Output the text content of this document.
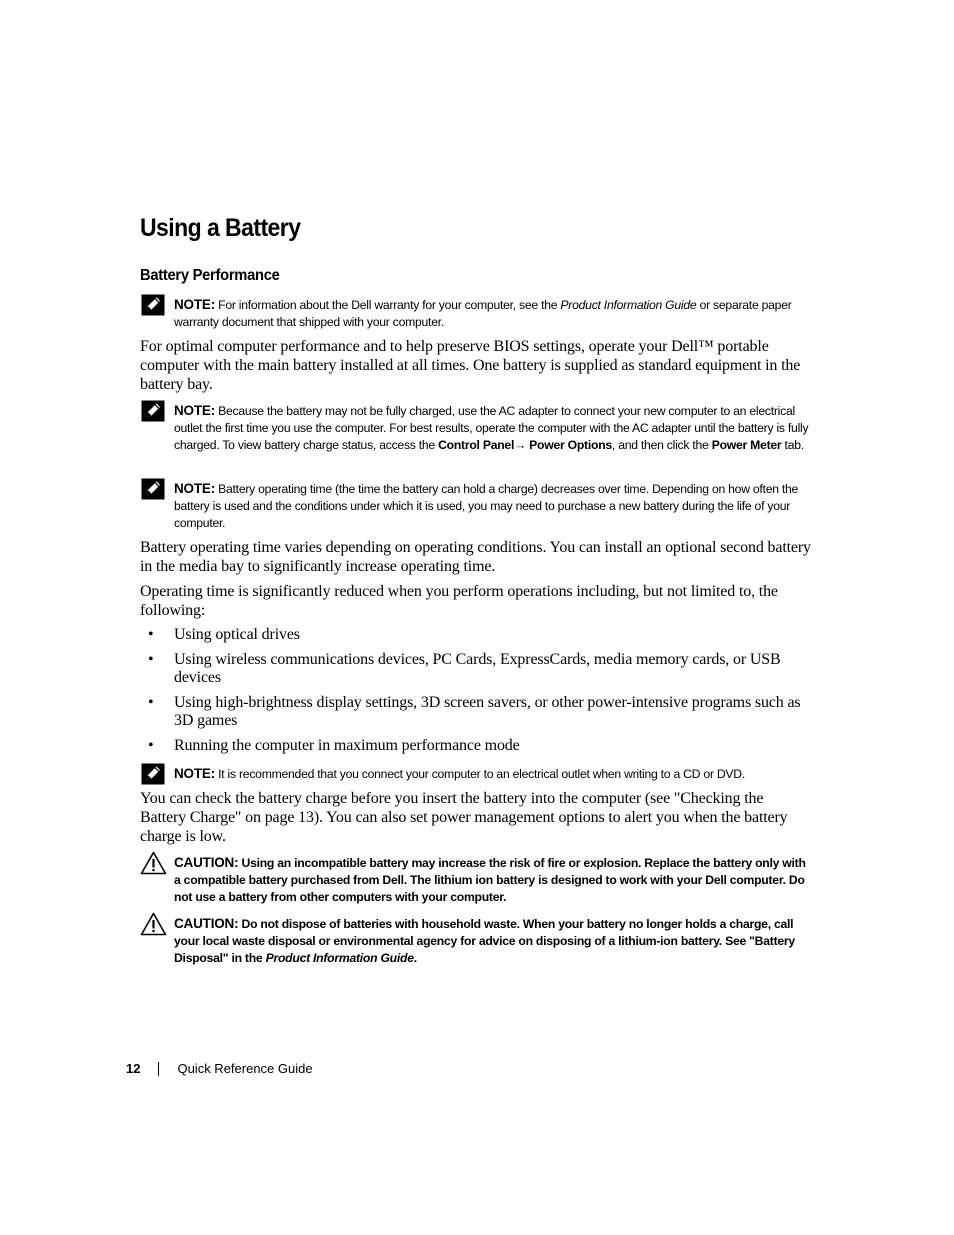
Using a Battery
Battery Performance

NOTE: For information about the Dell warranty for your computer, see the Product Information Guide or separate paper warranty document that shipped with your computer.

For optimal computer performance and to help preserve BIOS settings, operate your Dell™ portable computer with the main battery installed at all times. One battery is supplied as standard equipment in the battery bay.

NOTE: Because the battery may not be fully charged, use the AC adapter to connect your new computer to an electrical outlet the first time you use the computer. For best results, operate the computer with the AC adapter until the battery is fully charged. To view battery charge status, access the Control Panel→ Power Options, and then click the Power Meter tab.

NOTE: Battery operating time (the time the battery can hold a charge) decreases over time. Depending on how often the battery is used and the conditions under which it is used, you may need to purchase a new battery during the life of your computer.

Battery operating time varies depending on operating conditions. You can install an optional second battery in the media bay to significantly increase operating time.

Operating time is significantly reduced when you perform operations including, but not limited to, the following:

• Using optical drives
• Using wireless communications devices, PC Cards, ExpressCards, media memory cards, or USB devices
• Using high-brightness display settings, 3D screen savers, or other power-intensive programs such as 3D games
• Running the computer in maximum performance mode

NOTE: It is recommended that you connect your computer to an electrical outlet when writing to a CD or DVD.

You can check the battery charge before you insert the battery into the computer (see "Checking the Battery Charge" on page 13). You can also set power management options to alert you when the battery charge is low.

CAUTION: Using an incompatible battery may increase the risk of fire or explosion. Replace the battery only with a compatible battery purchased from Dell. The lithium ion battery is designed to work with your Dell computer. Do not use a battery from other computers with your computer.

CAUTION: Do not dispose of batteries with household waste. When your battery no longer holds a charge, call your local waste disposal or environmental agency for advice on disposing of a lithium-ion battery. See "Battery Disposal" in the Product Information Guide.

12	Quick Reference Guide
